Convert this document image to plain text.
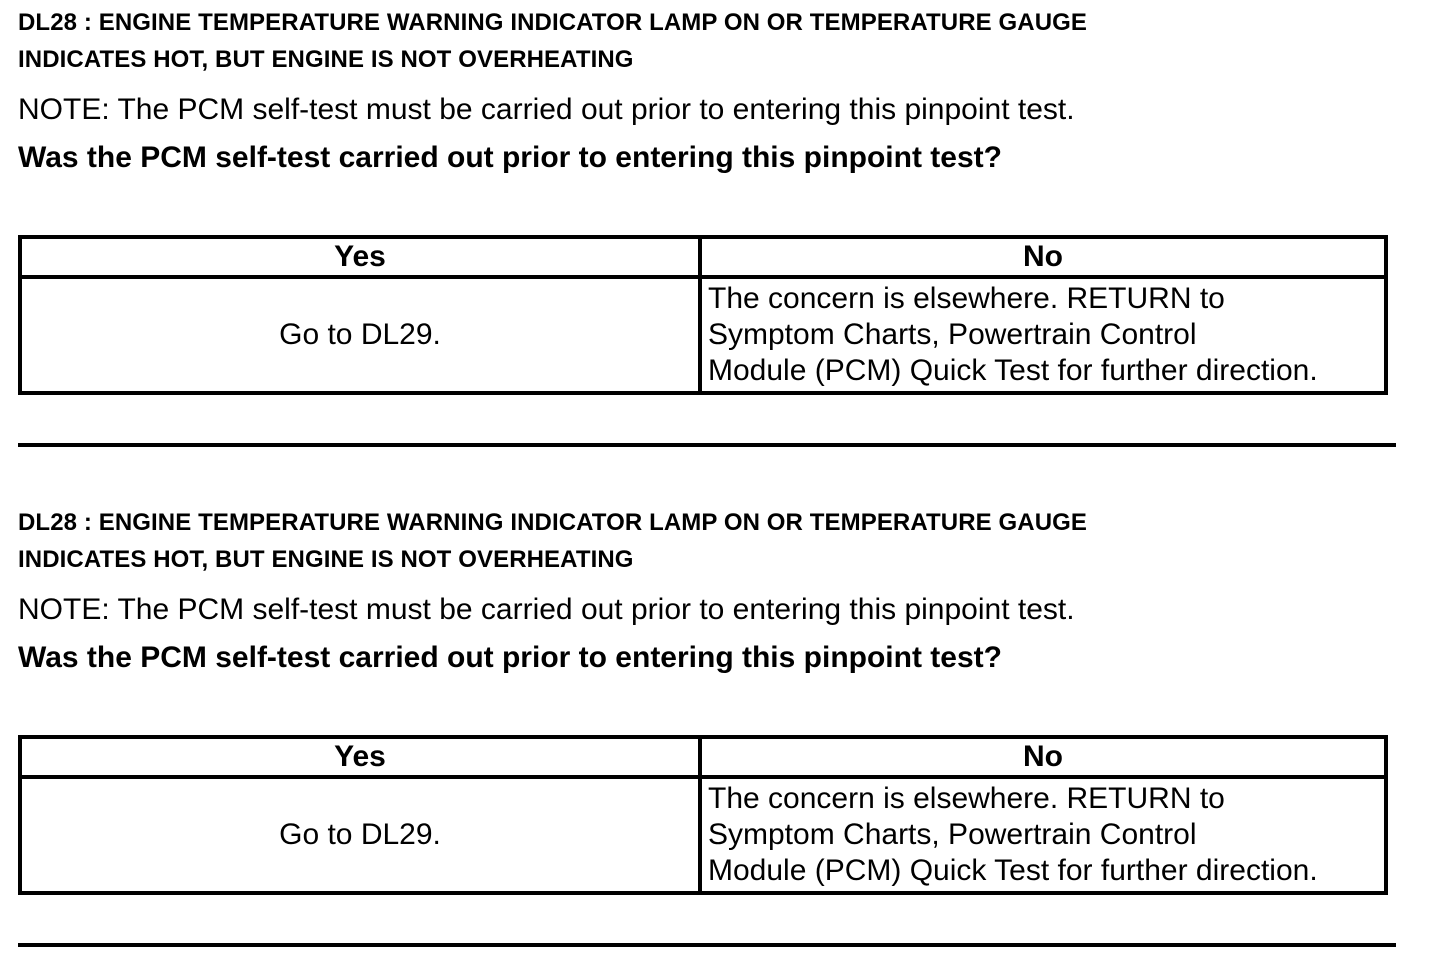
DL28 : ENGINE TEMPERATURE WARNING INDICATOR LAMP ON OR TEMPERATURE GAUGE
INDICATES HOT, BUT ENGINE IS NOT OVERHEATING
NOTE: The PCM self-test must be carried out prior to entering this pinpoint test.
Was the PCM self-test carried out prior to entering this pinpoint test?
Yes	No
Go to DL29.	The concern is elsewhere. RETURN to
Symptom Charts, Powertrain Control
Module (PCM) Quick Test for further direction.
DL28 : ENGINE TEMPERATURE WARNING INDICATOR LAMP ON OR TEMPERATURE GAUGE
INDICATES HOT, BUT ENGINE IS NOT OVERHEATING
NOTE: The PCM self-test must be carried out prior to entering this pinpoint test.
Was the PCM self-test carried out prior to entering this pinpoint test?
Yes	No
Go to DL29.	The concern is elsewhere. RETURN to
Symptom Charts, Powertrain Control
Module (PCM) Quick Test for further direction.
